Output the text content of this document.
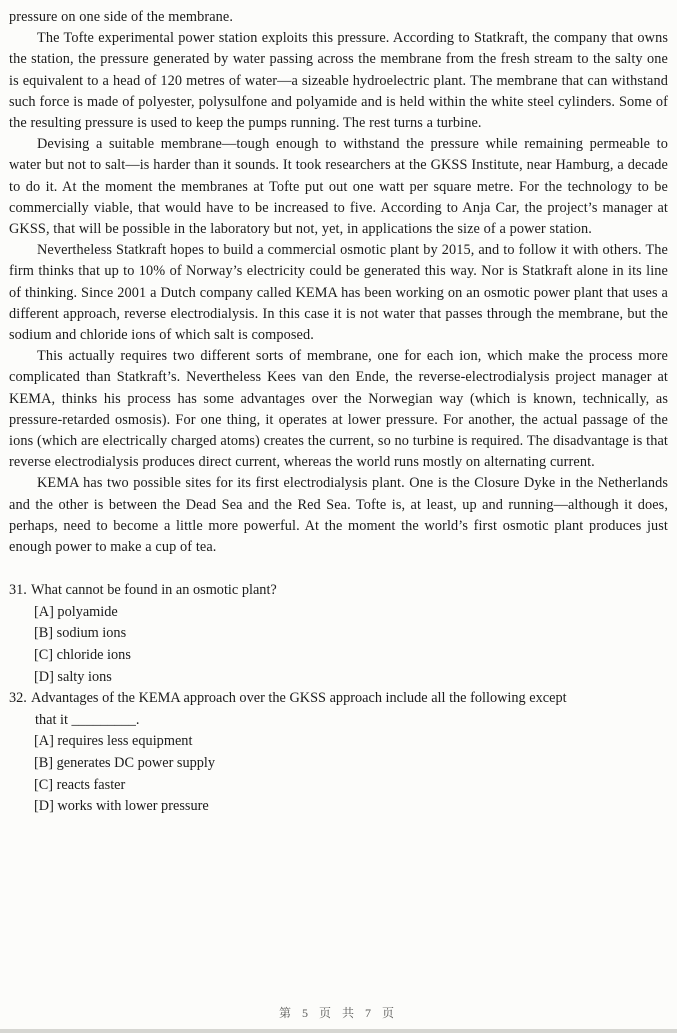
pressure on one side of the membrane.

The Tofte experimental power station exploits this pressure. According to Statkraft, the company that owns the station, the pressure generated by water passing across the membrane from the fresh stream to the salty one is equivalent to a head of 120 metres of water—a sizeable hydroelectric plant. The membrane that can withstand such force is made of polyester, polysulfone and polyamide and is held within the white steel cylinders. Some of the resulting pressure is used to keep the pumps running. The rest turns a turbine.

Devising a suitable membrane—tough enough to withstand the pressure while remaining permeable to water but not to salt—is harder than it sounds. It took researchers at the GKSS Institute, near Hamburg, a decade to do it. At the moment the membranes at Tofte put out one watt per square metre. For the technology to be commercially viable, that would have to be increased to five. According to Anja Car, the project’s manager at GKSS, that will be possible in the laboratory but not, yet, in applications the size of a power station.

Nevertheless Statkraft hopes to build a commercial osmotic plant by 2015, and to follow it with others. The firm thinks that up to 10% of Norway’s electricity could be generated this way. Nor is Statkraft alone in its line of thinking. Since 2001 a Dutch company called KEMA has been working on an osmotic power plant that uses a different approach, reverse electrodialysis. In this case it is not water that passes through the membrane, but the sodium and chloride ions of which salt is composed.

This actually requires two different sorts of membrane, one for each ion, which make the process more complicated than Statkraft’s. Nevertheless Kees van den Ende, the reverse-electrodialysis project manager at KEMA, thinks his process has some advantages over the Norwegian way (which is known, technically, as pressure-retarded osmosis). For one thing, it operates at lower pressure. For another, the actual passage of the ions (which are electrically charged atoms) creates the current, so no turbine is required. The disadvantage is that reverse electrodialysis produces direct current, whereas the world runs mostly on alternating current.

KEMA has two possible sites for its first electrodialysis plant. One is the Closure Dyke in the Netherlands and the other is between the Dead Sea and the Red Sea. Tofte is, at least, up and running—although it does, perhaps, need to become a little more powerful. At the moment the world’s first osmotic plant produces just enough power to make a cup of tea.

31. What cannot be found in an osmotic plant?
[A] polyamide
[B] sodium ions
[C] chloride ions
[D] salty ions
32. Advantages of the KEMA approach over the GKSS approach include all the following except
that it _________.
[A] requires less equipment
[B] generates DC power supply
[C] reacts faster
[D] works with lower pressure
第 5 页 共 7 页
